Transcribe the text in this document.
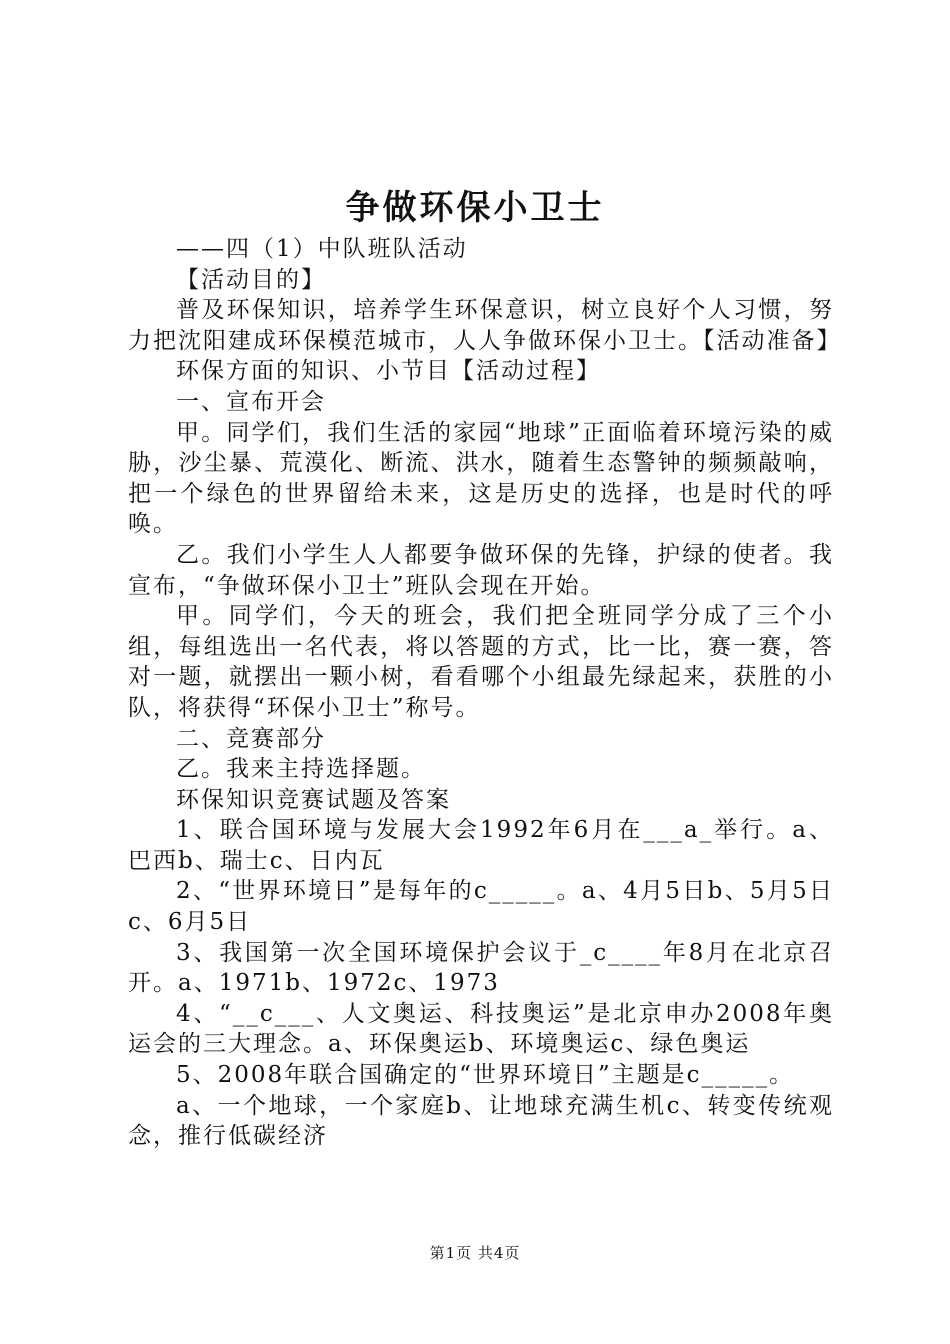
争做环保小卫士

——四（1）中队班队活动

【活动目的】

普及环保知识，培养学生环保意识，树立良好个人习惯，努力把沈阳建成环保模范城市，人人争做环保小卫士。【活动准备】

环保方面的知识、小节目【活动过程】

一、宣布开会

甲。同学们，我们生活的家园“地球”正面临着环境污染的威胁，沙尘暴、荒漠化、断流、洪水，随着生态警钟的频频敲响，把一个绿色的世界留给未来，这是历史的选择，也是时代的呼唤。

乙。我们小学生人人都要争做环保的先锋，护绿的使者。我宣布，“争做环保小卫士”班队会现在开始。

甲。同学们，今天的班会，我们把全班同学分成了三个小组，每组选出一名代表，将以答题的方式，比一比，赛一赛，答对一题，就摆出一颗小树，看看哪个小组最先绿起来，获胜的小队，将获得“环保小卫士”称号。

二、竞赛部分

乙。我来主持选择题。

环保知识竞赛试题及答案

1、联合国环境与发展大会1992年6月在___a_举行。a、巴西b、瑞士c、日内瓦

2、“世界环境日”是每年的c_____。a、4月5日b、5月5日c、6月5日

3、我国第一次全国环境保护会议于_c____年8月在北京召开。a、1971b、1972c、1973

4、“__c___、人文奥运、科技奥运”是北京申办2008年奥运会的三大理念。a、环保奥运b、环境奥运c、绿色奥运

5、2008年联合国确定的“世界环境日”主题是c_____。

a、一个地球，一个家庭b、让地球充满生机c、转变传统观念，推行低碳经济

第1页 共4页
